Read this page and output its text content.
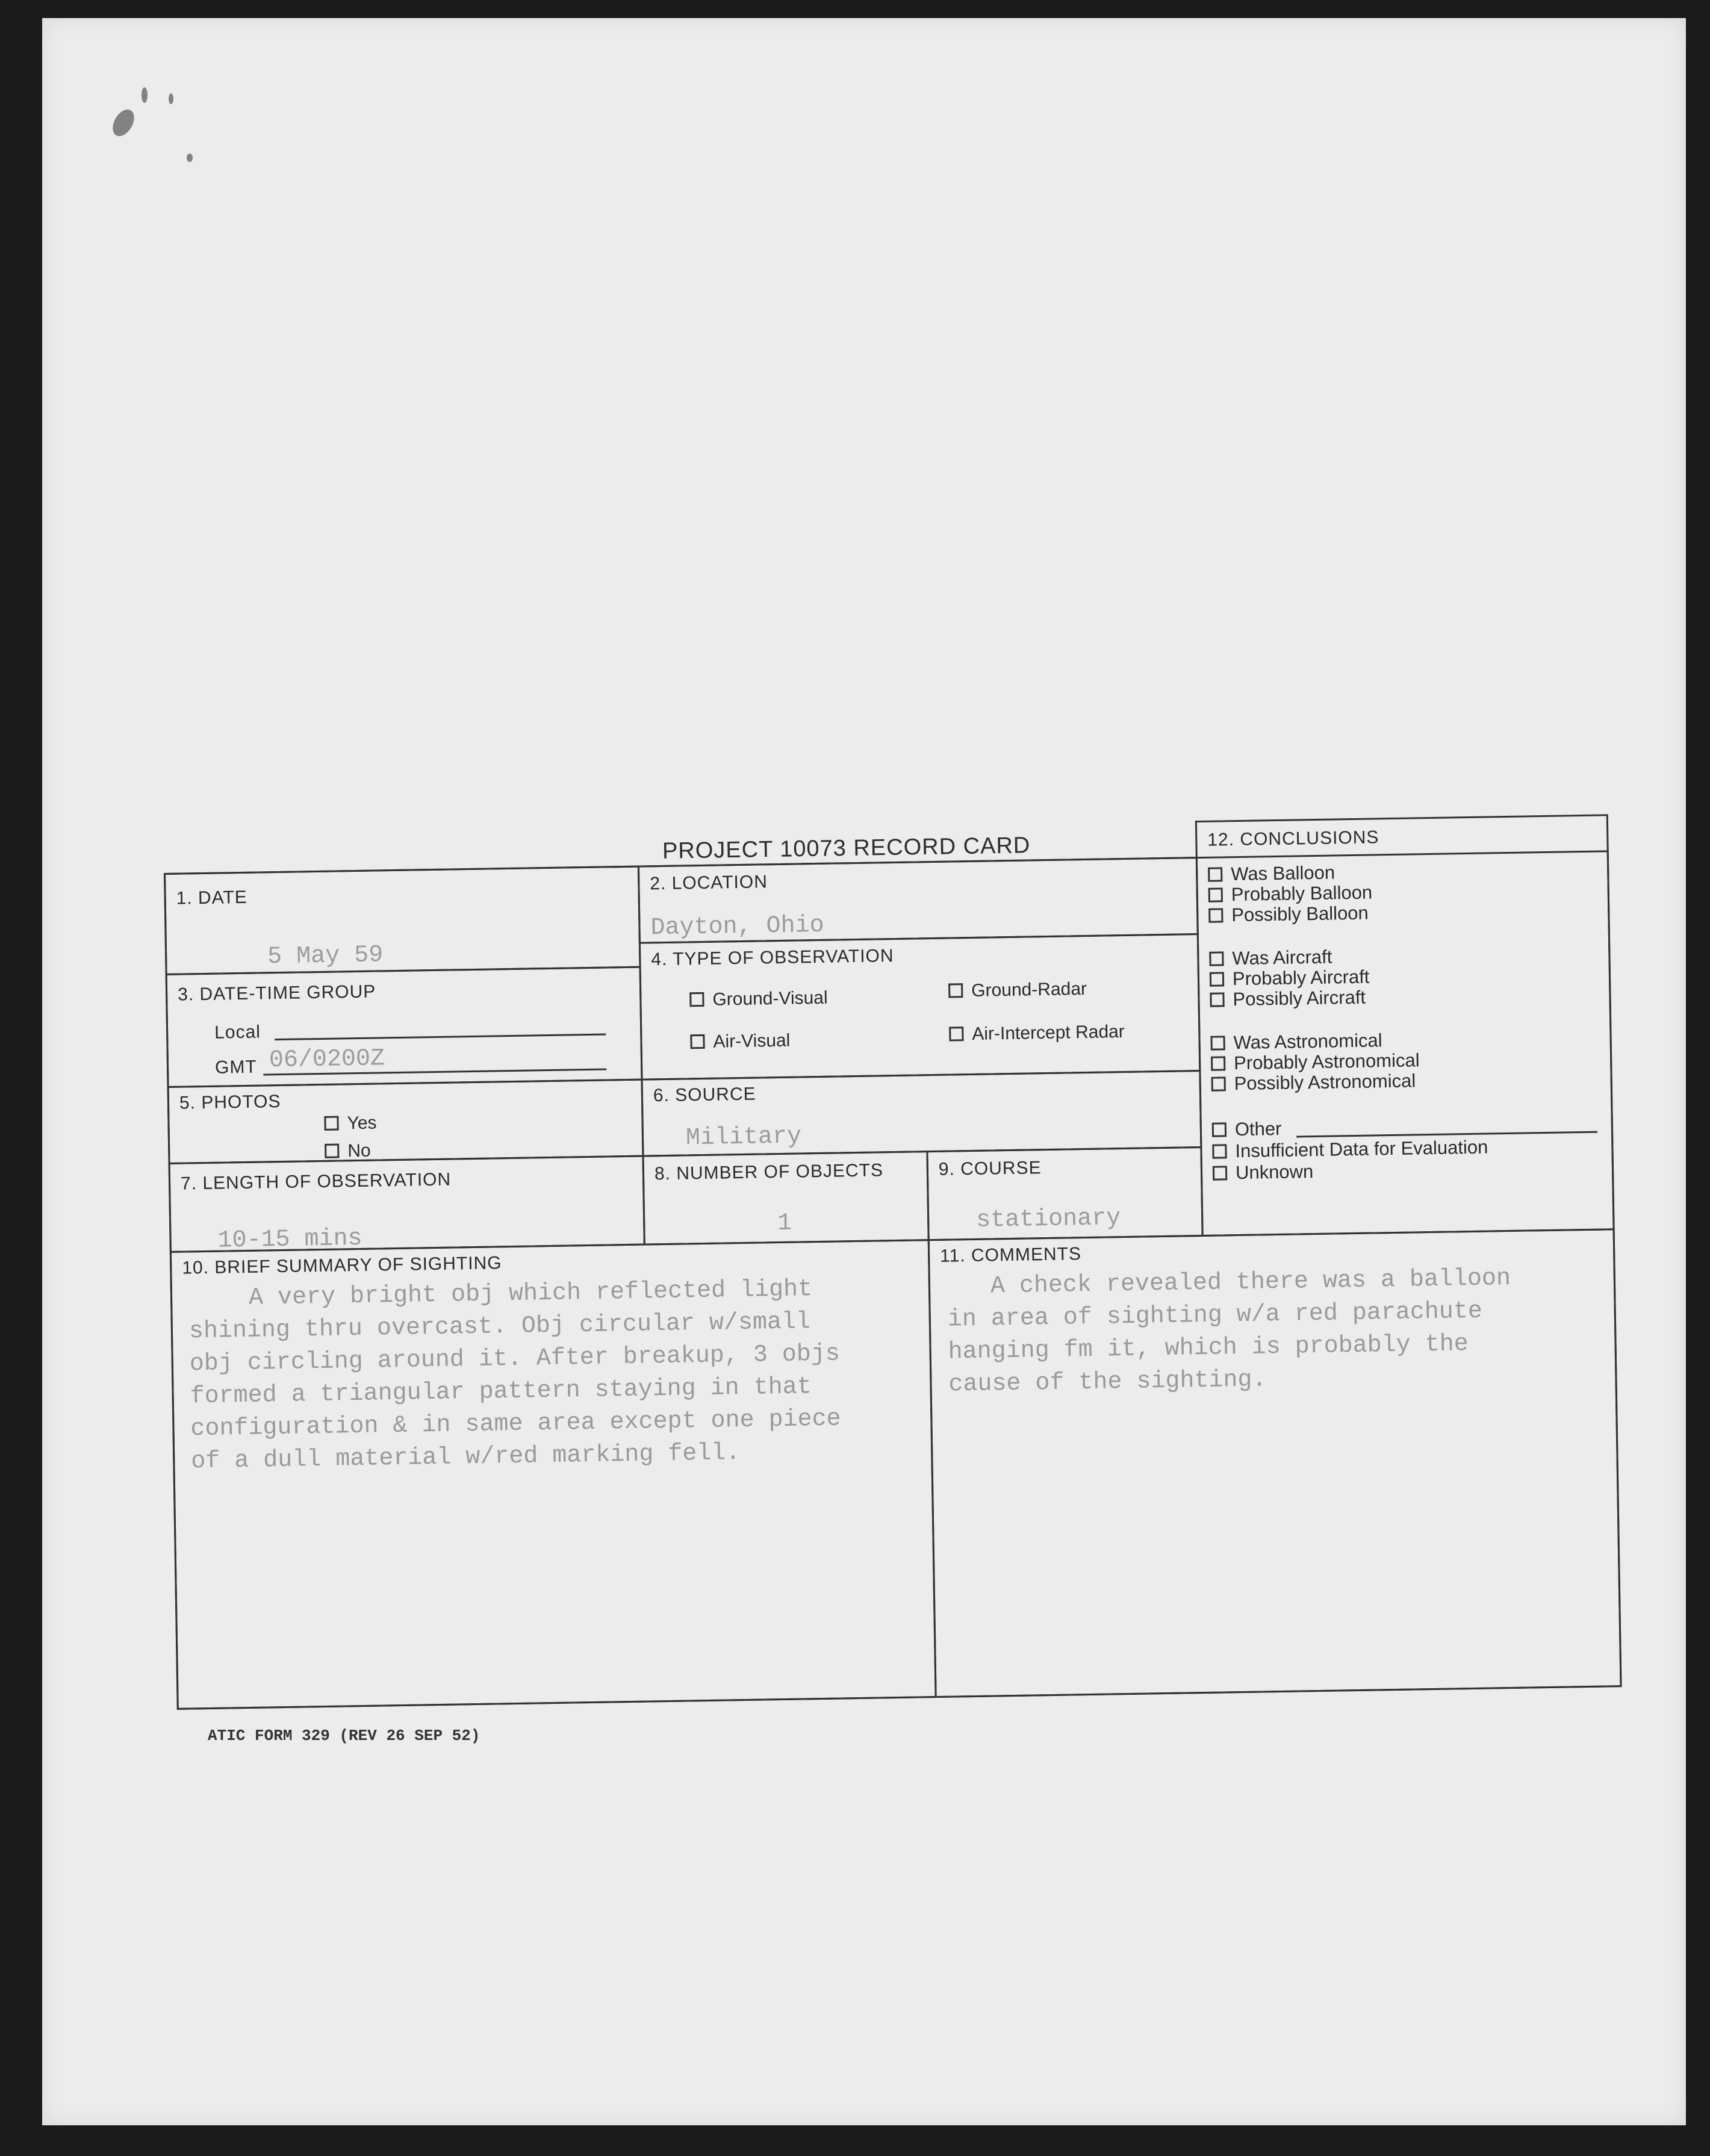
PROJECT 10073 RECORD CARD
1. DATE
5 May 59
2. LOCATION
Dayton, Ohio
3. DATE-TIME GROUP
Local
GMT 06/0200Z
4. TYPE OF OBSERVATION
Ground-Visual	Ground-Radar
Air-Visual	Air-Intercept Radar
5. PHOTOS
Yes
No
6. SOURCE
Military
7. LENGTH OF OBSERVATION
10-15 mins
8. NUMBER OF OBJECTS
1
9. COURSE
stationary
10. BRIEF SUMMARY OF SIGHTING
A very bright obj which reflected light
shining thru overcast. Obj circular w/small
obj circling around it. After breakup, 3 objs
formed a triangular pattern staying in that
configuration & in same area except one piece
of a dull material w/red marking fell.
11. COMMENTS
A check revealed there was a balloon
in area of sighting w/a red parachute
hanging fm it, which is probably the
cause of the sighting.
12. CONCLUSIONS
Was Balloon
Probably Balloon
Possibly Balloon
Was Aircraft
Probably Aircraft
Possibly Aircraft
Was Astronomical
Probably Astronomical
Possibly Astronomical
Other
Insufficient Data for Evaluation
Unknown
ATIC FORM 329 (REV 26 SEP 52)
